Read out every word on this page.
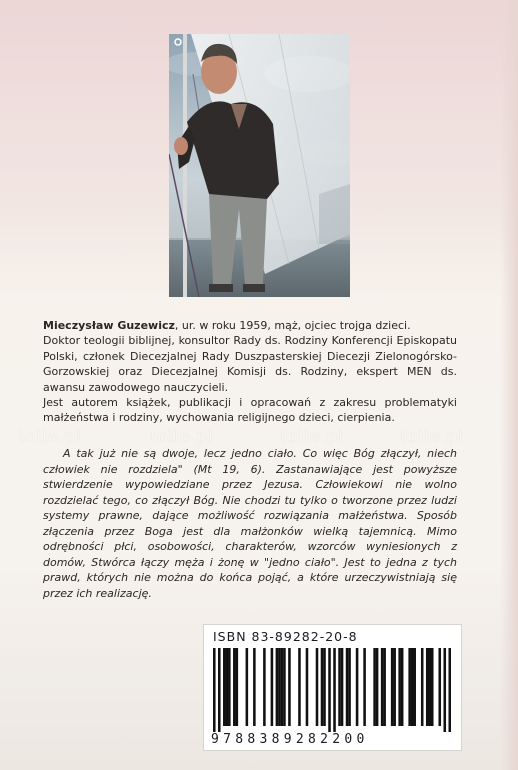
Mieczysław Guzewicz, ur. w roku 1959, mąż, ojciec trojga dzieci.

Doktor teologii biblijnej, konsultor Rady ds. Rodziny Konferencji Episkopatu Polski, członek Diecezjalnej Rady Duszpasterskiej Diecezji Zielonogórsko-Gorzowskiej oraz Diecezjalnej Komisji ds. Rodziny, ekspert MEN ds. awansu zawodowego nauczycieli.

Jest autorem książek, publikacji i opracowań z zakresu problematyki małżeństwa i rodziny, wychowania religijnego dzieci, cierpienia.

tolle.pl	tolle.pl	tolle.pl	tolle.pl

A tak już nie są dwoje, lecz jedno ciało. Co więc Bóg złączył, niech człowiek nie rozdziela" (Mt 19, 6). Zastanawiające jest powyższe stwierdzenie wypowiedziane przez Jezusa. Człowiekowi nie wolno rozdzielać tego, co złączył Bóg. Nie chodzi tu tylko o tworzone przez ludzi systemy prawne, dające możliwość rozwiązania małżeństwa. Sposób złączenia przez Boga jest dla małżonków wielką tajemnicą. Mimo odrębności płci, osobowości, charakterów, wzorców wyniesionych z domów, Stwórca łączy męża i żonę w "jedno ciało". Jest to jedna z tych prawd, których nie można do końca pojąć, a które urzeczywistniają się przez ich realizację.

ISBN 83-89282-20-8
9788389282200
